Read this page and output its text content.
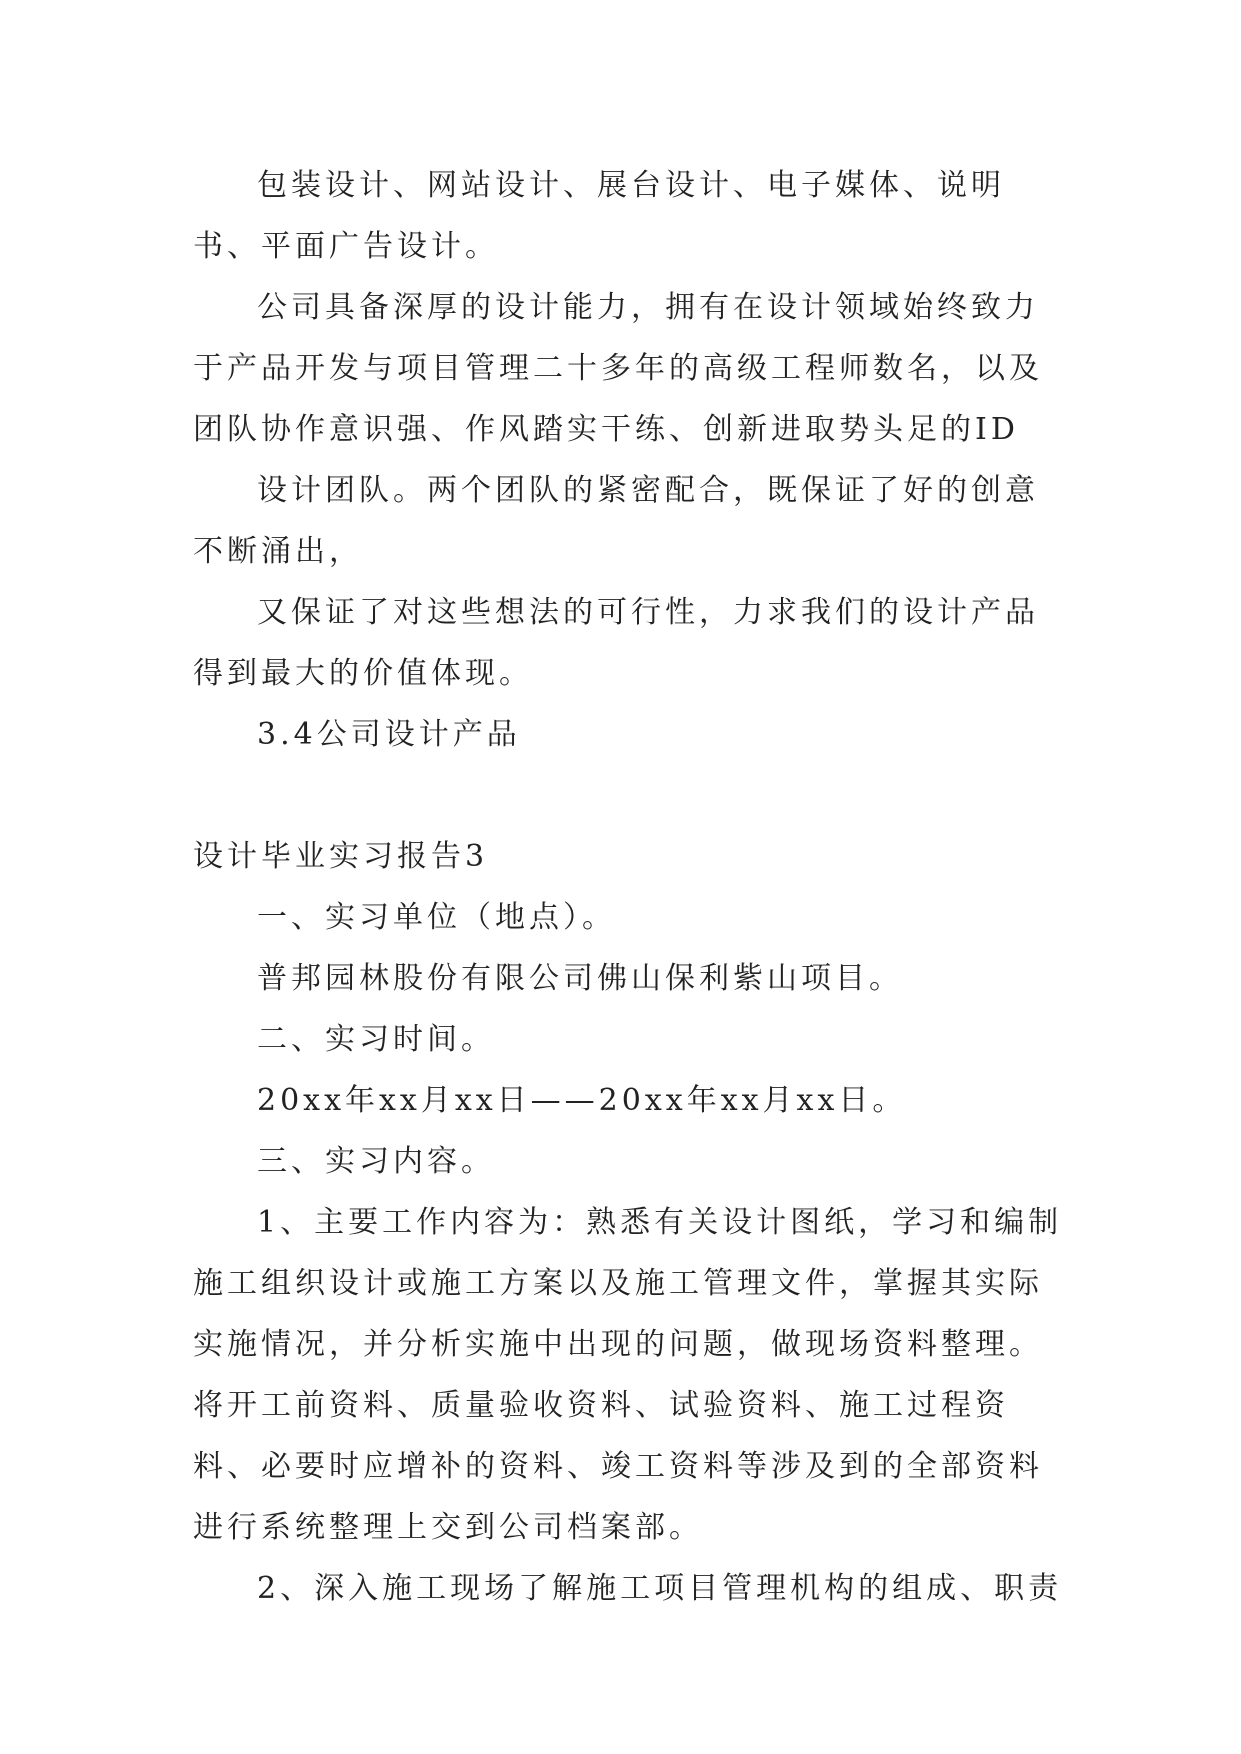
包装设计、网站设计、展台设计、电子媒体、说明书、平面广告设计。

公司具备深厚的设计能力，拥有在设计领域始终致力于产品开发与项目管理二十多年的高级工程师数名，以及团队协作意识强、作风踏实干练、创新进取势头足的ID

设计团队。两个团队的紧密配合，既保证了好的创意不断涌出，

又保证了对这些想法的可行性，力求我们的设计产品得到最大的价值体现。

3.4公司设计产品

设计毕业实习报告3

一、实习单位（地点）。

普邦园林股份有限公司佛山保利紫山项目。

二、实习时间。

20xx年xx月xx日——20xx年xx月xx日。

三、实习内容。

1、主要工作内容为：熟悉有关设计图纸，学习和编制施工组织设计或施工方案以及施工管理文件，掌握其实际实施情况，并分析实施中出现的问题，做现场资料整理。将开工前资料、质量验收资料、试验资料、施工过程资料、必要时应增补的资料、竣工资料等涉及到的全部资料进行系统整理上交到公司档案部。

2、深入施工现场了解施工项目管理机构的组成、职责
